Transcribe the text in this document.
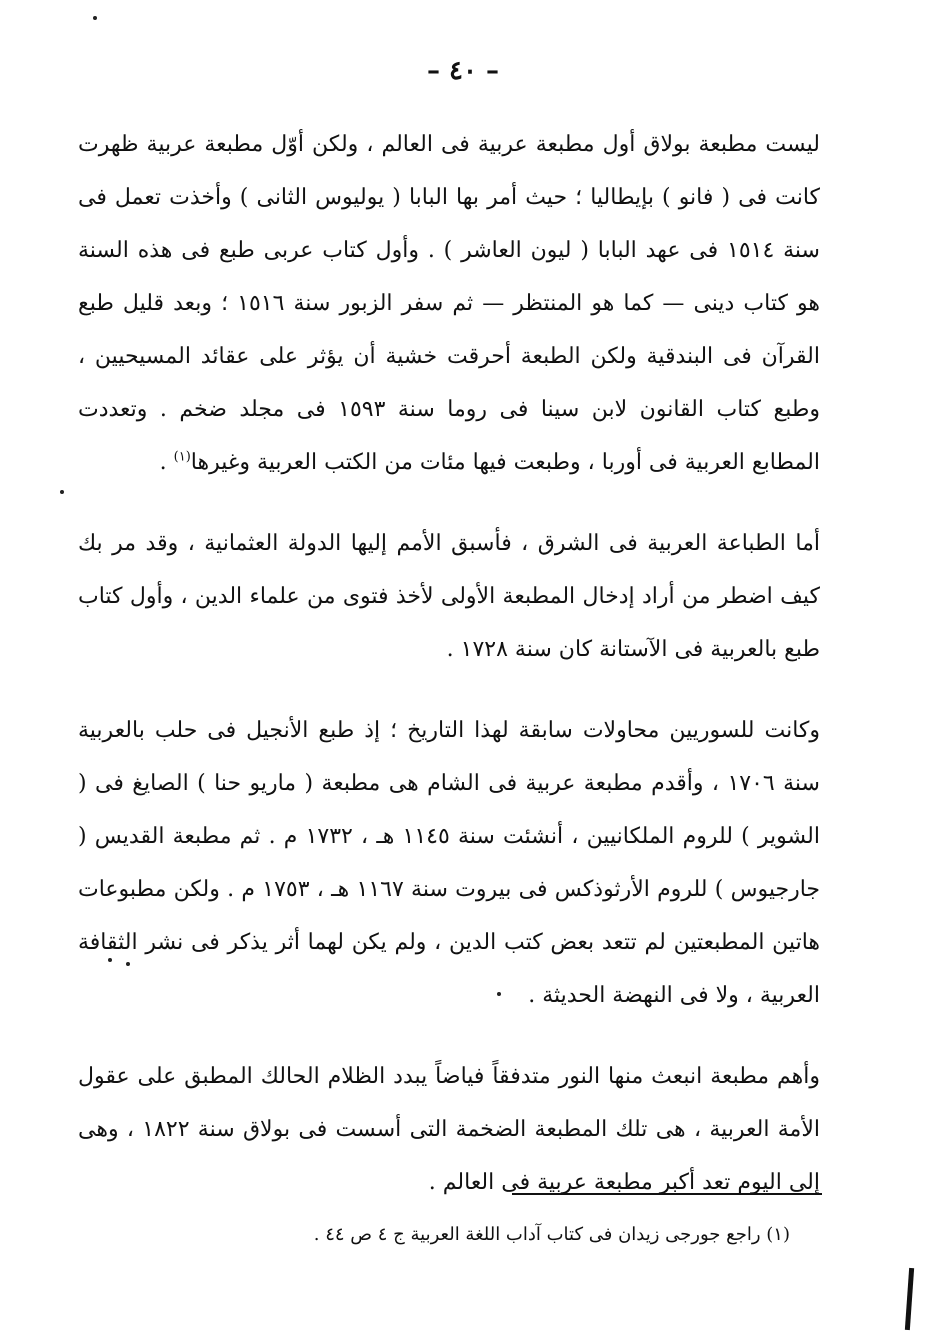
– ٤٠ –

ليست مطبعة بولاق أول مطبعة عربية فى العالم ، ولكن أوّل مطبعة عربية ظهرت كانت فى ( فانو ) بإيطاليا ؛ حيث أمر بها البابا ( يوليوس الثانى ) وأخذت تعمل فى سنة ١٥١٤ فى عهد البابا ( ليون العاشر ) . وأول كتاب عربى طبع فى هذه السنة هو كتاب دينى — كما هو المنتظر — ثم سفر الزبور سنة ١٥١٦ ؛ وبعد قليل طبع القرآن فى البندقية ولكن الطبعة أحرقت خشية أن يؤثر على عقائد المسيحيين ، وطبع كتاب القانون لابن سينا فى روما سنة ١٥٩٣ فى مجلد ضخم . وتعددت المطابع العربية فى أوربا ، وطبعت فيها مئات من الكتب العربية وغيرها$^{(١)}$ .

أما الطباعة العربية فى الشرق ، فأسبق الأمم إليها الدولة العثمانية ، وقد مر بك كيف اضطر من أراد إدخال المطبعة الأولى لأخذ فتوى من علماء الدين ، وأول كتاب طبع بالعربية فى الآستانة كان سنة ١٧٢٨ .

وكانت للسوريين محاولات سابقة لهذا التاريخ ؛ إذ طبع الأنجيل فى حلب بالعربية سنة ١٧٠٦ ، وأقدم مطبعة عربية فى الشام هى مطبعة ( ماريو حنا ) الصايغ فى ( الشوير ) للروم الملكانيين ، أنشئت سنة ١١٤٥ هـ ، ١٧٣٢ م . ثم مطبعة القديس ( جارجيوس ) للروم الأرثوذكس فى بيروت سنة ١١٦٧ هـ ، ١٧٥٣ م . ولكن مطبوعات هاتين المطبعتين لم تتعد بعض كتب الدين ، ولم يكن لهما أثر يذكر فى نشر الثقافة العربية ، ولا فى النهضة الحديثة .

وأهم مطبعة انبعث منها النور متدفقاً فياضاً يبدد الظلام الحالك المطبق على عقول الأمة العربية ، هى تلك المطبعة الضخمة التى أسست فى بولاق سنة ١٨٢٢ ، وهى إلى اليوم تعد أكبر مطبعة عربية فى العالم .

(١) راجع جورجى زيدان فى كتاب آداب اللغة العربية ج ٤ ص ٤٤ .
